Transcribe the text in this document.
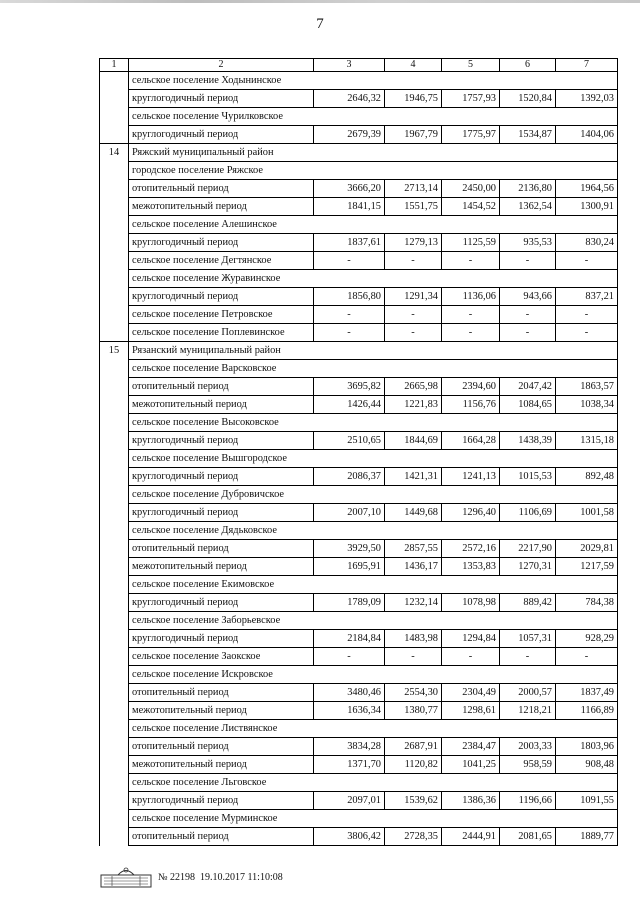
7
1	2	3	4	5	6	7
	сельское поселение Ходынинское					
	круглогодичный период	2646,32	1946,75	1757,93	1520,84	1392,03
	сельское поселение Чурилковское					
	круглогодичный период	2679,39	1967,79	1775,97	1534,87	1404,06
14	Ряжский муниципальный район					
	городское поселение Ряжское					
	отопительный период	3666,20	2713,14	2450,00	2136,80	1964,56
	межотопительный период	1841,15	1551,75	1454,52	1362,54	1300,91
	сельское поселение Алешинское					
	круглогодичный период	1837,61	1279,13	1125,59	935,53	830,24
	сельское поселение Дегтянское	-	-	-	-	-
	сельское поселение Журавинское					
	круглогодичный период	1856,80	1291,34	1136,06	943,66	837,21
	сельское поселение Петровское	-	-	-	-	-
	сельское поселение Поплевинское	-	-	-	-	-
15	Рязанский муниципальный район					
	сельское поселение Варсковское					
	отопительный период	3695,82	2665,98	2394,60	2047,42	1863,57
	межотопительный период	1426,44	1221,83	1156,76	1084,65	1038,34
	сельское поселение Высоковское					
	круглогодичный период	2510,65	1844,69	1664,28	1438,39	1315,18
	сельское поселение Вышгородское					
	круглогодичный период	2086,37	1421,31	1241,13	1015,53	892,48
	сельское поселение Дубровичское					
	круглогодичный период	2007,10	1449,68	1296,40	1106,69	1001,58
	сельское поселение Дядьковское					
	отопительный период	3929,50	2857,55	2572,16	2217,90	2029,81
	межотопительный период	1695,91	1436,17	1353,83	1270,31	1217,59
	сельское поселение Екимовское					
	круглогодичный период	1789,09	1232,14	1078,98	889,42	784,38
	сельское поселение Заборьевское					
	круглогодичный период	2184,84	1483,98	1294,84	1057,31	928,29
	сельское поселение Заокское	-	-	-	-	-
	сельское поселение Искровское					
	отопительный период	3480,46	2554,30	2304,49	2000,57	1837,49
	межотопительный период	1636,34	1380,77	1298,61	1218,21	1166,89
	сельское поселение Листвянское					
	отопительный период	3834,28	2687,91	2384,47	2003,33	1803,96
	межотопительный период	1371,70	1120,82	1041,25	958,59	908,48
	сельское поселение Льговское					
	круглогодичный период	2097,01	1539,62	1386,36	1196,66	1091,55
	сельское поселение Мурминское					
	отопительный период	3806,42	2728,35	2444,91	2081,65	1889,77
№ 22198 19.10.2017 11:10:08
